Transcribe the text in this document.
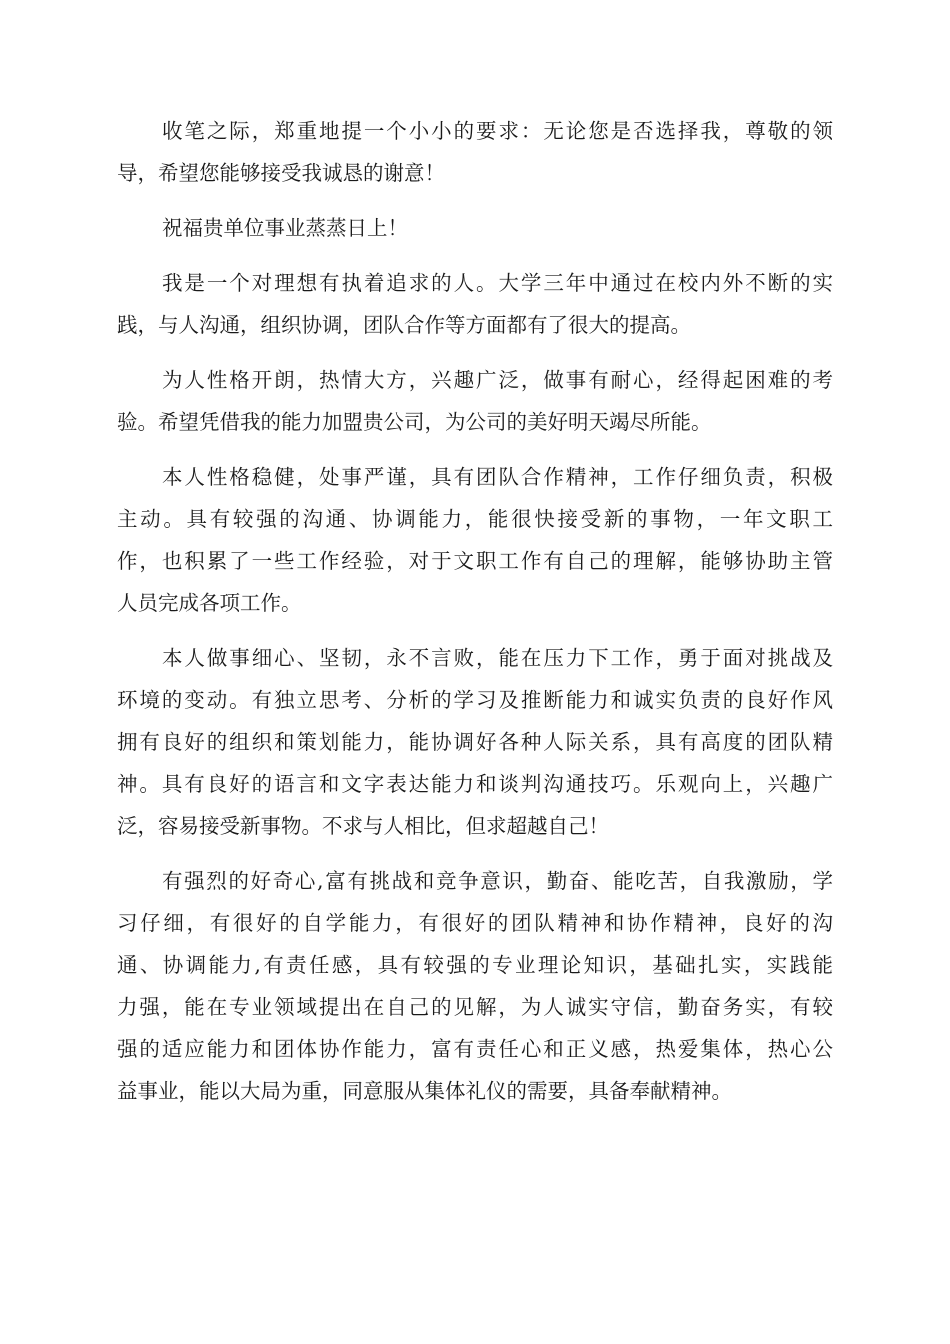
收笔之际，郑重地提一个小小的要求：无论您是否选择我，尊敬的领
导，希望您能够接受我诚恳的谢意！
祝福贵单位事业蒸蒸日上！
我是一个对理想有执着追求的人。大学三年中通过在校内外不断的实
践，与人沟通，组织协调，团队合作等方面都有了很大的提高。
为人性格开朗，热情大方，兴趣广泛，做事有耐心，经得起困难的考
验。希望凭借我的能力加盟贵公司，为公司的美好明天竭尽所能。
本人性格稳健，处事严谨，具有团队合作精神，工作仔细负责，积极
主动。具有较强的沟通、协调能力，能很快接受新的事物，一年文职工
作，也积累了一些工作经验，对于文职工作有自己的理解，能够协助主管
人员完成各项工作。
本人做事细心、坚韧，永不言败，能在压力下工作，勇于面对挑战及
环境的变动。有独立思考、分析的学习及推断能力和诚实负责的良好作风
拥有良好的组织和策划能力，能协调好各种人际关系，具有高度的团队精
神。具有良好的语言和文字表达能力和谈判沟通技巧。乐观向上，兴趣广
泛，容易接受新事物。不求与人相比，但求超越自己！
有强烈的好奇心,富有挑战和竞争意识，勤奋、能吃苦，自我激励，学
习仔细，有很好的自学能力，有很好的团队精神和协作精神，良好的沟
通、协调能力,有责任感，具有较强的专业理论知识，基础扎实，实践能
力强，能在专业领域提出在自己的见解，为人诚实守信，勤奋务实，有较
强的适应能力和团体协作能力，富有责任心和正义感，热爱集体，热心公
益事业，能以大局为重，同意服从集体礼仪的需要，具备奉献精神。
